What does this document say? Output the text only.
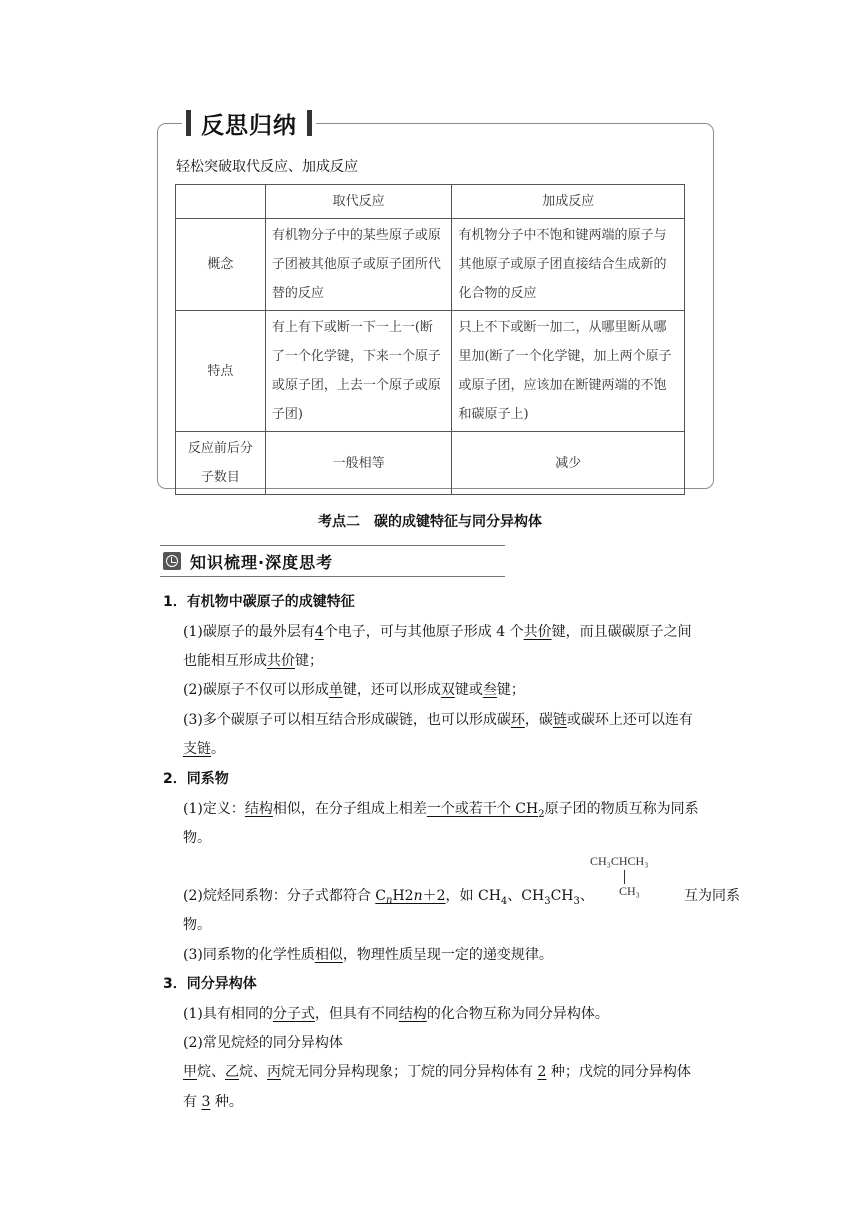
反思归纳
轻松突破取代反应、加成反应
	取代反应	加成反应
概念	有机物分子中的某些原子或原子团被其他原子或原子团所代替的反应	有机物分子中不饱和键两端的原子与其他原子或原子团直接结合生成新的化合物的反应
特点	有上有下或断一下一上一(断了一个化学键，下来一个原子或原子团，上去一个原子或原子团)	只上不下或断一加二，从哪里断从哪里加(断了一个化学键，加上两个原子或原子团，应该加在断键两端的不饱和碳原子上)
反应前后分子数目	一般相等	减少
考点二　碳的成键特征与同分异构体
知识梳理·深度思考
1．有机物中碳原子的成键特征
(1)碳原子的最外层有4个电子，可与其他原子形成 4 个共价键，而且碳碳原子之间
也能相互形成共价键；
(2)碳原子不仅可以形成单键，还可以形成双键或叁键；
(3)多个碳原子可以相互结合形成碳链，也可以形成碳环，碳链或碳环上还可以连有
支链。
2．同系物
(1)定义：结构相似，在分子组成上相差一个或若干个 $CH_2$原子团的物质互称为同系
物。
CH₃CHCH₃
CH₃
(2)烷烃同系物：分子式都符合 $C_nH2n+2$，如 $CH_4$、$CH_3CH_3$、	互为同系
物。
(3)同系物的化学性质相似，物理性质呈现一定的递变规律。
3．同分异构体
(1)具有相同的分子式，但具有不同结构的化合物互称为同分异构体。
(2)常见烷烃的同分异构体
甲烷、乙烷、丙烷无同分异构现象；丁烷的同分异构体有 2 种；戊烷的同分异构体
有 3 种。
